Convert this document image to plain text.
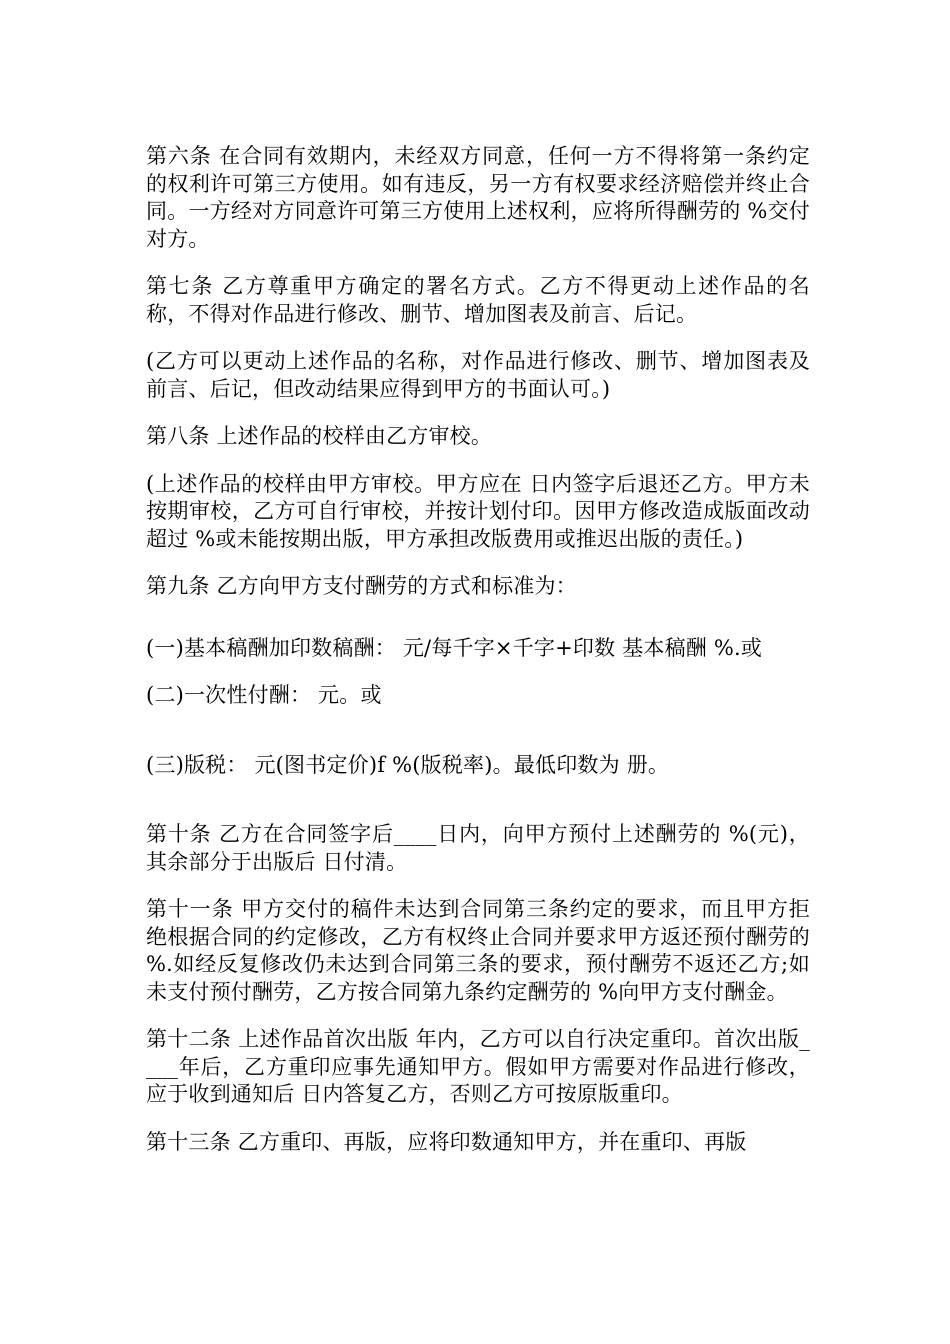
第六条 在合同有效期内，未经双方同意，任何一方不得将第一条约定的权利许可第三方使用。如有违反，另一方有权要求经济赔偿并终止合同。一方经对方同意许可第三方使用上述权利，应将所得酬劳的 %交付对方。

第七条 乙方尊重甲方确定的署名方式。乙方不得更动上述作品的名称，不得对作品进行修改、删节、增加图表及前言、后记。

(乙方可以更动上述作品的名称，对作品进行修改、删节、增加图表及前言、后记，但改动结果应得到甲方的书面认可。)

第八条 上述作品的校样由乙方审校。

(上述作品的校样由甲方审校。甲方应在 日内签字后退还乙方。甲方未按期审校，乙方可自行审校，并按计划付印。因甲方修改造成版面改动超过 %或未能按期出版，甲方承担改版费用或推迟出版的责任。)

第九条 乙方向甲方支付酬劳的方式和标准为：

(一)基本稿酬加印数稿酬： 元/每千字×千字+印数 基本稿酬 %.或

(二)一次性付酬： 元。或

(三)版税： 元(图书定价)f %(版税率)。最低印数为 册。

第十条 乙方在合同签字后____日内，向甲方预付上述酬劳的 %(元)，其余部分于出版后 日付清。

第十一条 甲方交付的稿件未达到合同第三条约定的要求，而且甲方拒绝根据合同的约定修改，乙方有权终止合同并要求甲方返还预付酬劳的 %.如经反复修改仍未达到合同第三条的要求，预付酬劳不返还乙方;如未支付预付酬劳，乙方按合同第九条约定酬劳的 %向甲方支付酬金。

第十二条 上述作品首次出版 年内，乙方可以自行决定重印。首次出版____年后，乙方重印应事先通知甲方。假如甲方需要对作品进行修改，应于收到通知后 日内答复乙方，否则乙方可按原版重印。

第十三条 乙方重印、再版，应将印数通知甲方，并在重印、再版
